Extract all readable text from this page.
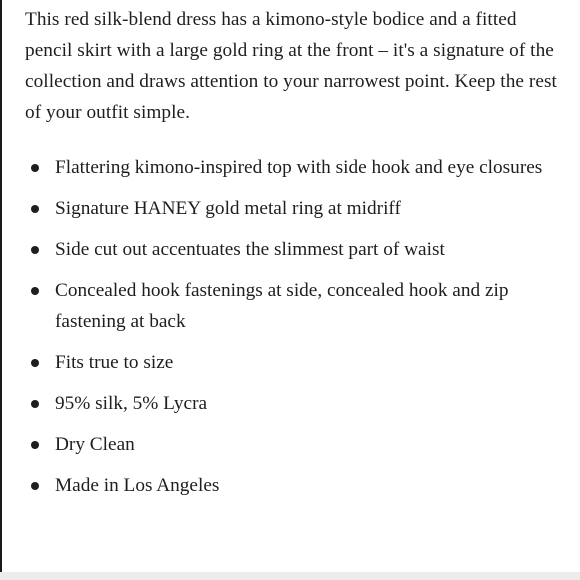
This red silk-blend dress has a kimono-style bodice and a fitted pencil skirt with a large gold ring at the front – it's a signature of the collection and draws attention to your narrowest point. Keep the rest of your outfit simple.

Flattering kimono-inspired top with side hook and eye closures
Signature HANEY gold metal ring at midriff
Side cut out accentuates the slimmest part of waist
Concealed hook fastenings at side, concealed hook and zip fastening at back
Fits true to size
95% silk, 5% Lycra
Dry Clean
Made in Los Angeles
